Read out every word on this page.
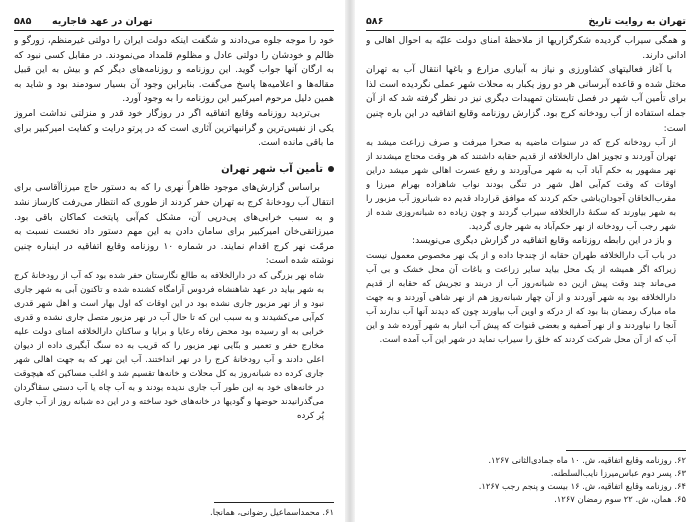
۵۸۵ تهران در عهد قاجاریه

خود را موجه جلوه می‌دادند و شگفت اینکه دولت ایران را دولتی غیرمنظم، زورگو و ظالم و خودشان را دولتی عادل و مظلوم قلمداد می‌نمودند. در مقابل کسی نبود که به ارگان آنها جواب گوید. این روزنامه و روزنامه‌های دیگر کم و بیش به این قبیل مقاله‌ها و اعلامیه‌ها پاسخ می‌گفت. بنابراین وجود آن بسیار سودمند بود و شاید به همین دلیل مرحوم امیرکبیر این روزنامه را به وجود آورد.

بی‌تردید روزنامه وقایع اتفاقیه اگر در روزگار خود قدر و منزلتی نداشت امروز یکی از نفیس‌ترین و گرانبهاترین آثاری است که در پرتو درایت و کفایت امیرکبیر برای ما باقی مانده است.

تأمین آب شهر تهران

براساس گزارش‌های موجود ظاهراً نهری را که به دستور حاج میرزاآقاسی برای انتقال آب رودخانهٔ کرج به تهران حفر کردند از طوری که انتظار می‌رفت کارساز نشد و به سبب خرابی‌های پی‌درپی آن، مشکل کم‌آبی پایتخت کماکان باقی بود. میرزاتقی‌خان امیرکبیر برای سامان دادن به این مهم دستور داد نخست نسبت به مرمّت نهر کرج اقدام نمایند. در شماره ۱۰ روزنامه وقایع اتفاقیه در اینباره چنین نوشته شده است:

شاه نهر بزرگی که در دارالخلافه به طالع نگارستان حفر شده بود که آب از رودخانهٔ کرج به شهر بیاید در عهد شاهنشاه فردوس آرامگاه کشنده شده و تاکنون آبی به شهر جاری نبود و از نهر مزبور جاری نشده بود در این اوقات که اول بهار است و اهل شهر قدری کم‌آبی می‌کشیدند و به سبب این که تا حال آب در نهر مزبور متصل جاری نشده و قدری خرابی به او رسیده بود محض رفاه رعایا و برایا و ساکنان دارالخلافه امنای دولت علیه مخارج حفر و تعمیر و بنّایی نهر مزبور را که قریب به ده سنگ آبگیری داده از دیوان اعلی دادند و آب رودخانهٔ کرج را در نهر انداختند. آب این نهر که به جهت اهالی شهر جاری کرده ده شبانه‌روز به کل محلات و خانه‌ها تقسیم شد و اغلب مساکین که هیچوقت در خانه‌های خود به این طور آب جاری ندیده بودند و به آب چاه یا آب دستی سقاگردان می‌گذرانیدند حوضها و گودیها در خانه‌های خود ساخته و در این ده شبانه روز از آب جاری پُر کرده

۶۱. محمداسماعیل رضوانی، همانجا.

۵۸۶	تهران به روایت تاریخ

و همگی سیراب گردیده شکرگزاریها از ملاحظهٔ امنای دولت علیّه به احوال اهالی و ادانی دارند.

با آغاز فعالیتهای کشاورزی و نیاز به آبیاری مزارع و باغها انتقال آب به تهران مختل شده و قاعده آبرسانی هر دو روز یکبار به محلات شهر عملی نگردیده است لذا برای تأمین آب شهر در فصل تابستان تمهیدات دیگری نیز در نظر گرفته شد که از آن جمله استفاده از آب رودخانه کرج بود. گزارش روزنامه وقایع اتفاقیه در این باره چنین است:

از آب رودخانه کرج که در سنوات ماضیه به صحرا میرفت و صرف زراعت میشد به تهران آوردند و تجویز اهل دارالخلافه از قدیم حقابه داشتند که هر وقت محتاج میشدند از نهر مشهور به حکم آباد آب به شهر می‌آوردند و رفع عسرت اهالی شهر میشد دراین اوقات که وقت کم‌آبی اهل شهر در تنگی بودند نواب شاهزاده بهرام میرزا و مقرب‌الخاقان آجودان‌باشی حکم کردند که موافق قرارداد قدیم ده شبانروز آب مزبور را به شهر بیاورند که سکنهٔ دارالخلافه سیراب گردند و چون زیاده ده شبانه‌روزی شده از شهر رجب آب رودخانه از نهر حکم‌آباد به شهر جاری گردید.

و باز در این رابطه روزنامه وقایع اتفاقیه در گزارش دیگری می‌نویسد:

در باب آب دارالخلافه طهران حقابه از چندجا داده و از یک نهر مخصوص معمول نیست زیراکه اگر همیشه از یک محل بیاید سایر زراعت و باغات آن محل خشک و بی آب می‌ماند چند وقت پیش ازین ده شبانه‌روز آب از دربند و تجریش که حقابه از قدیم دارالخلافه بود به شهر آوردند و از آن چهار شبانه‌روز هم از نهر شاهی آوردند و به جهت ماه مبارک رمضان بنا بود که از درکه و اوین آب بیاورند چون که دیدند آنها آب ندارند آب آنجا را نیاوردند و از نهر آصفیه و بعضی قنوات که پیش آب انبار به شهر آورده شد و این آب که از آن محل شرکت کردند که خلق را سیراب نماید در شهر این آب آمده است.

۶۲. روزنامه وقایع اتفاقیه، ش. ۱۰ ماه جمادی‌الثانی ۱۲۶۷.

۶۳. پسر دوم عباس‌میرزا نایب‌السلطنه.

۶۴. روزنامه وقایع اتفاقیه، ش. ۱۶ بیست و پنجم رجب ۱۲۶۷.

۶۵. همان، ش. ۲۲ سوم رمضان ۱۲۶۷.
